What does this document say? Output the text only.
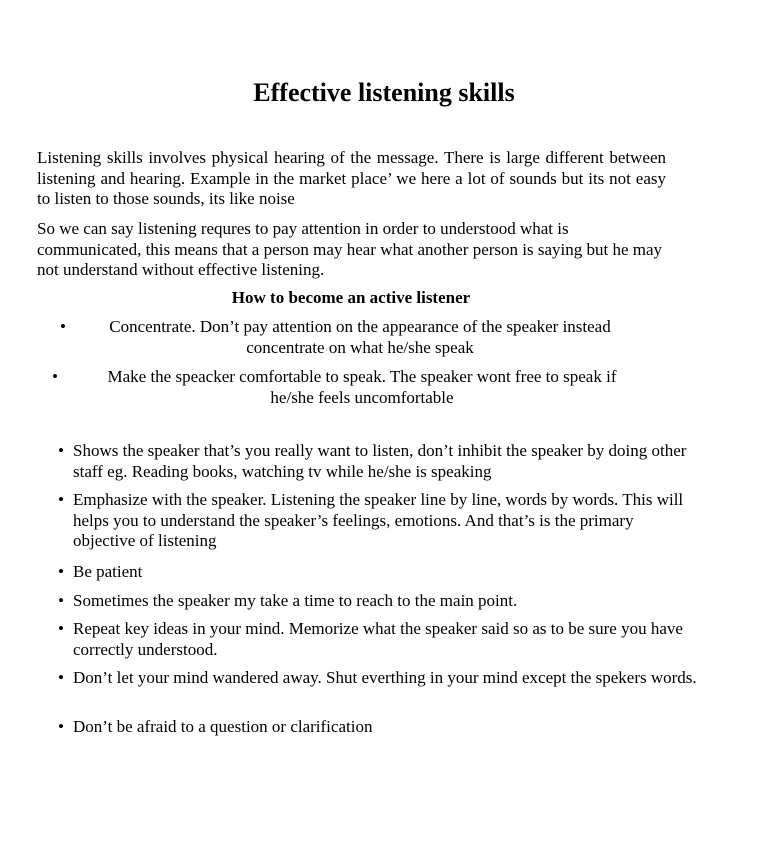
Effective listening skills
Listening skills involves physical hearing of the message. There is large different between listening and hearing. Example in the market place’ we here a lot of sounds but its not easy to listen to those sounds, its like noise
So we can say listening requres to pay attention in order to understood what is communicated, this means that a person may hear what another person is saying but he may not understand without effective listening.
How to become an active listener
•	Concentrate. Don’t pay attention on the appearance of the speaker instead
concentrate on what he/she speak
•	Make the speacker comfortable to speak. The speaker wont free to speak if
he/she feels uncomfortable
• Shows the speaker that’s you really want to listen, don’t inhibit the speaker by doing other staff eg. Reading books, watching tv while he/she is speaking
• Emphasize with the speaker. Listening the speaker line by line, words by words. This will helps you to understand the speaker’s feelings, emotions. And that’s is the primary objective of listening
• Be patient
• Sometimes the speaker my take a time to reach to the main point.
• Repeat key ideas in your mind. Memorize what the speaker said so as to be sure you have correctly understood.
• Don’t let your mind wandered away. Shut everthing in your mind except the spekers words.
• Don’t be afraid to a question or clarification
